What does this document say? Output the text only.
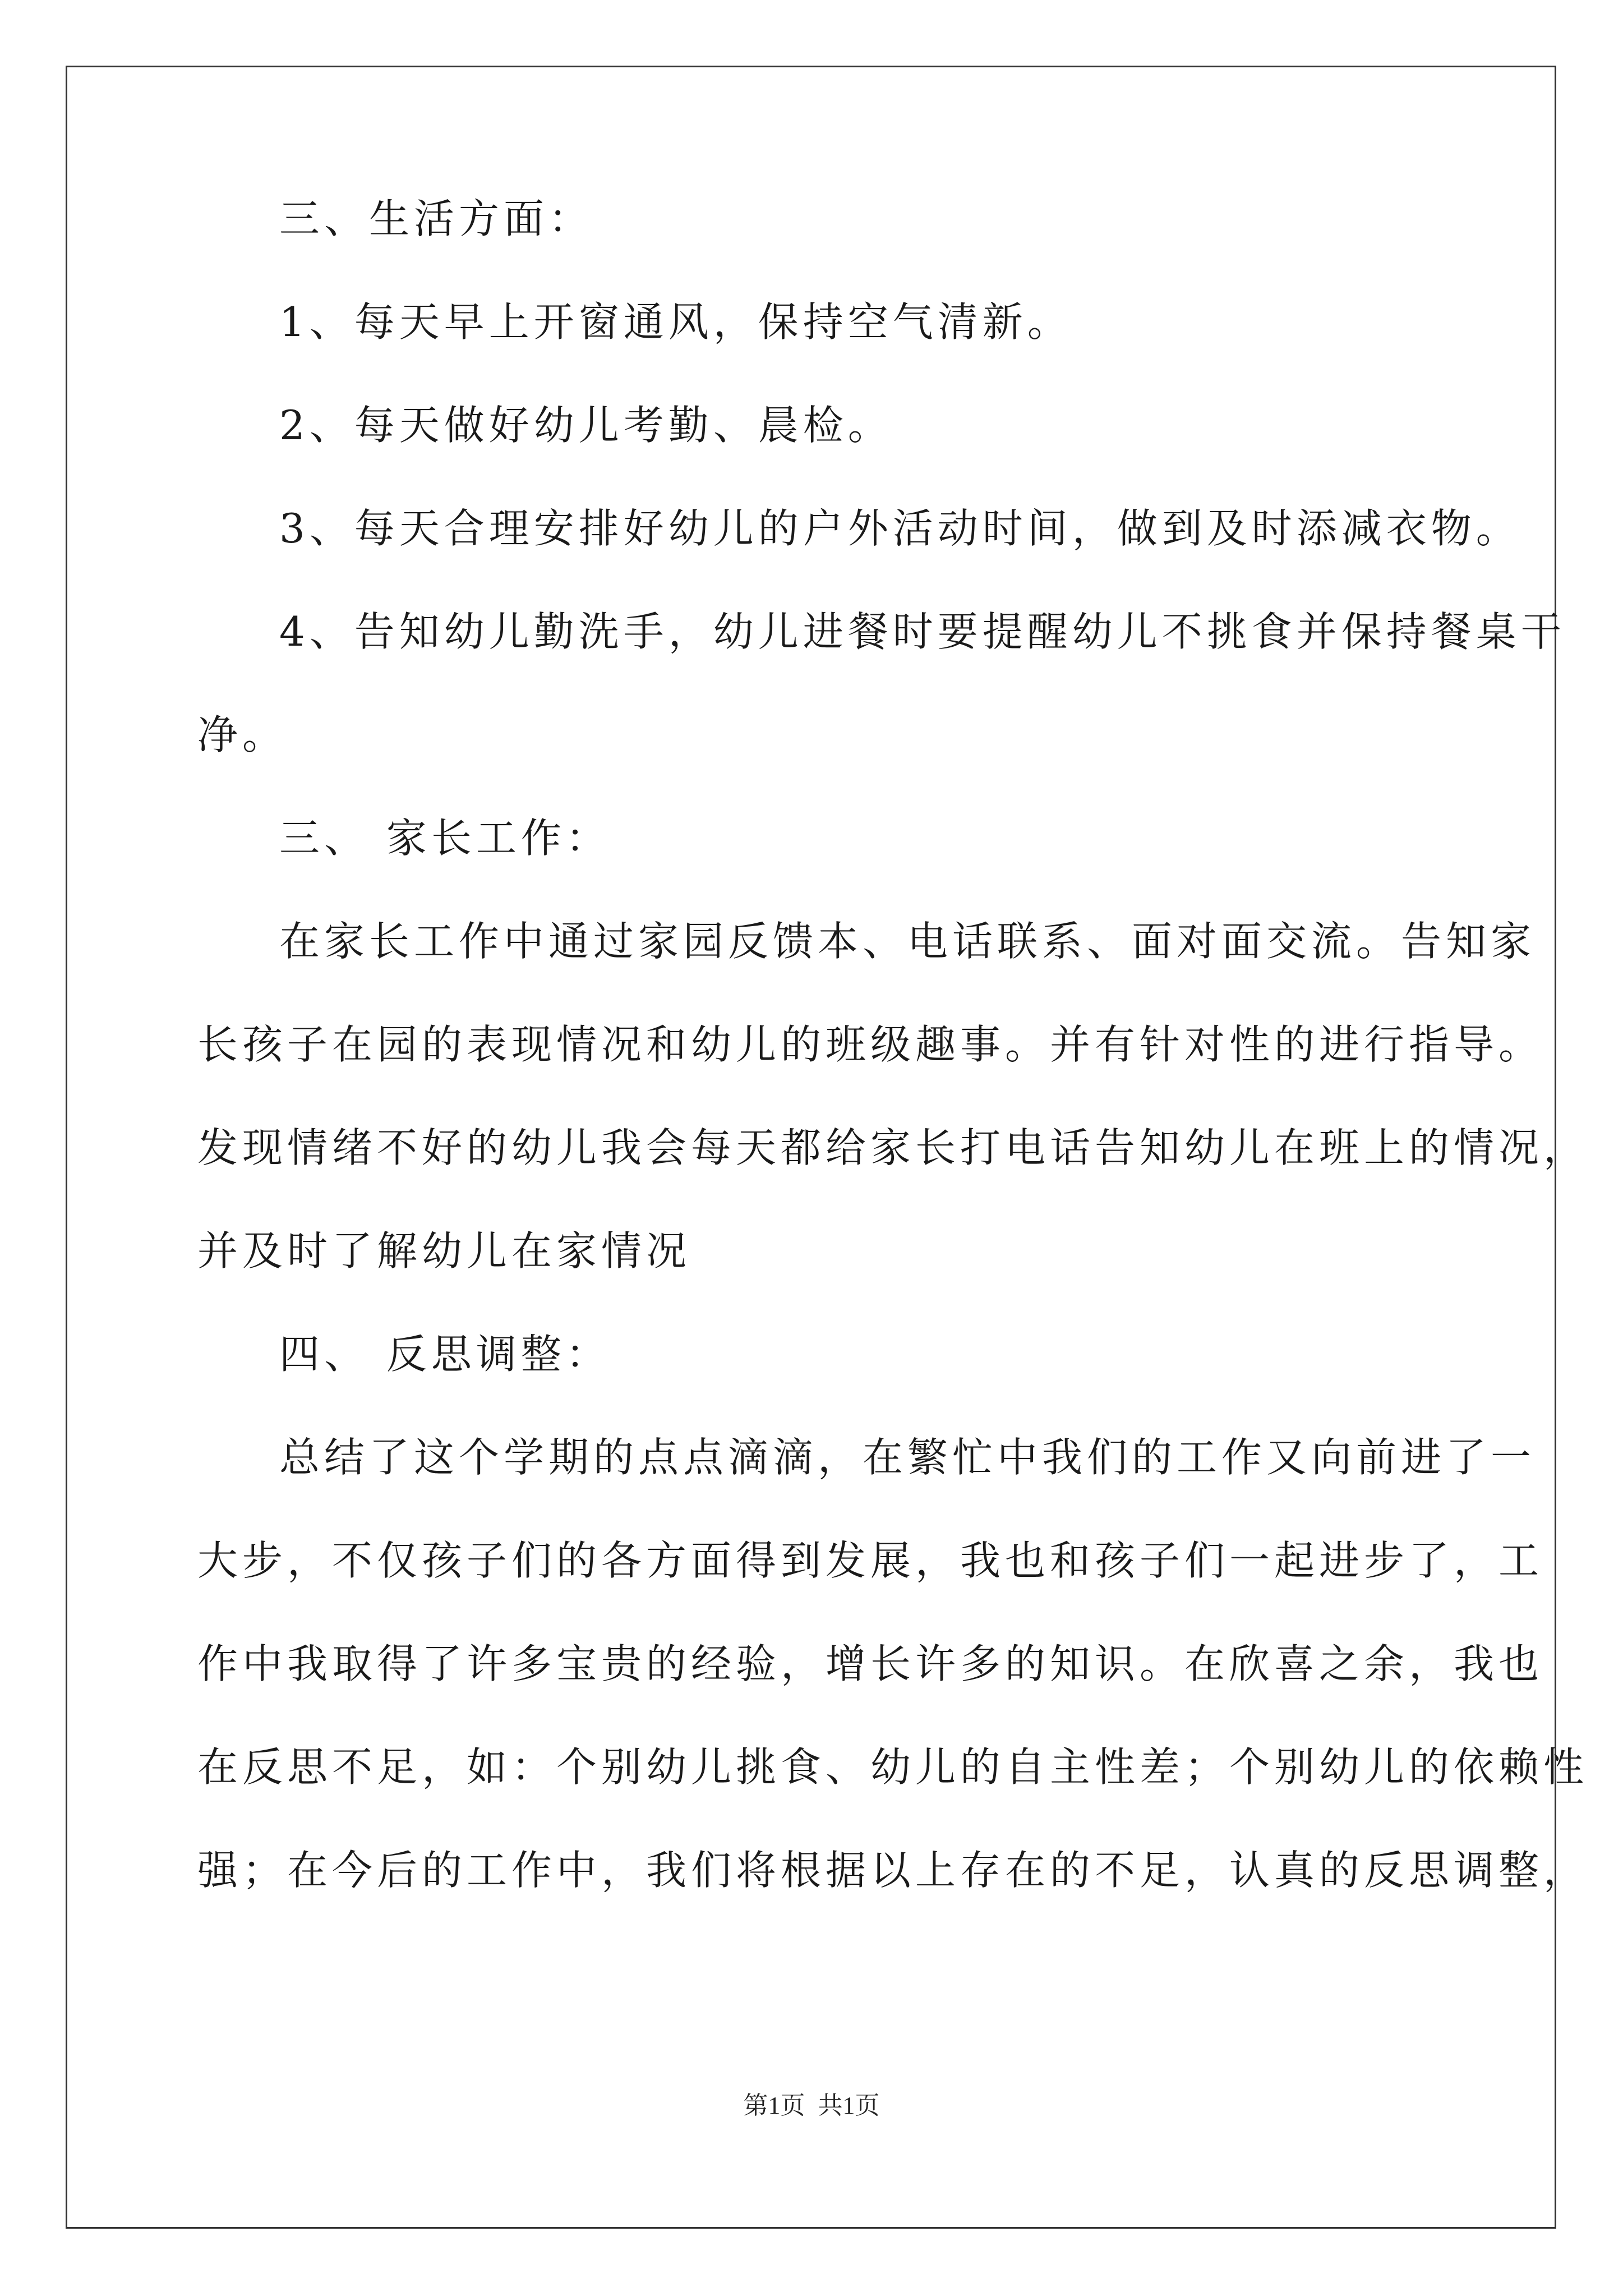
三、生活方面：
1、每天早上开窗通风，保持空气清新。
2、每天做好幼儿考勤、晨检。
3、每天合理安排好幼儿的户外活动时间，做到及时添减衣物。
4、告知幼儿勤洗手，幼儿进餐时要提醒幼儿不挑食并保持餐桌干
净。
三、 家长工作：
在家长工作中通过家园反馈本、电话联系、面对面交流。告知家
长孩子在园的表现情况和幼儿的班级趣事。并有针对性的进行指导。
发现情绪不好的幼儿我会每天都给家长打电话告知幼儿在班上的情况，
并及时了解幼儿在家情况
四、 反思调整：
总结了这个学期的点点滴滴，在繁忙中我们的工作又向前进了一
大步，不仅孩子们的各方面得到发展，我也和孩子们一起进步了，工
作中我取得了许多宝贵的经验，增长许多的知识。在欣喜之余，我也
在反思不足，如：个别幼儿挑食、幼儿的自主性差；个别幼儿的依赖性
强；在今后的工作中，我们将根据以上存在的不足，认真的反思调整，
第1页 共1页
